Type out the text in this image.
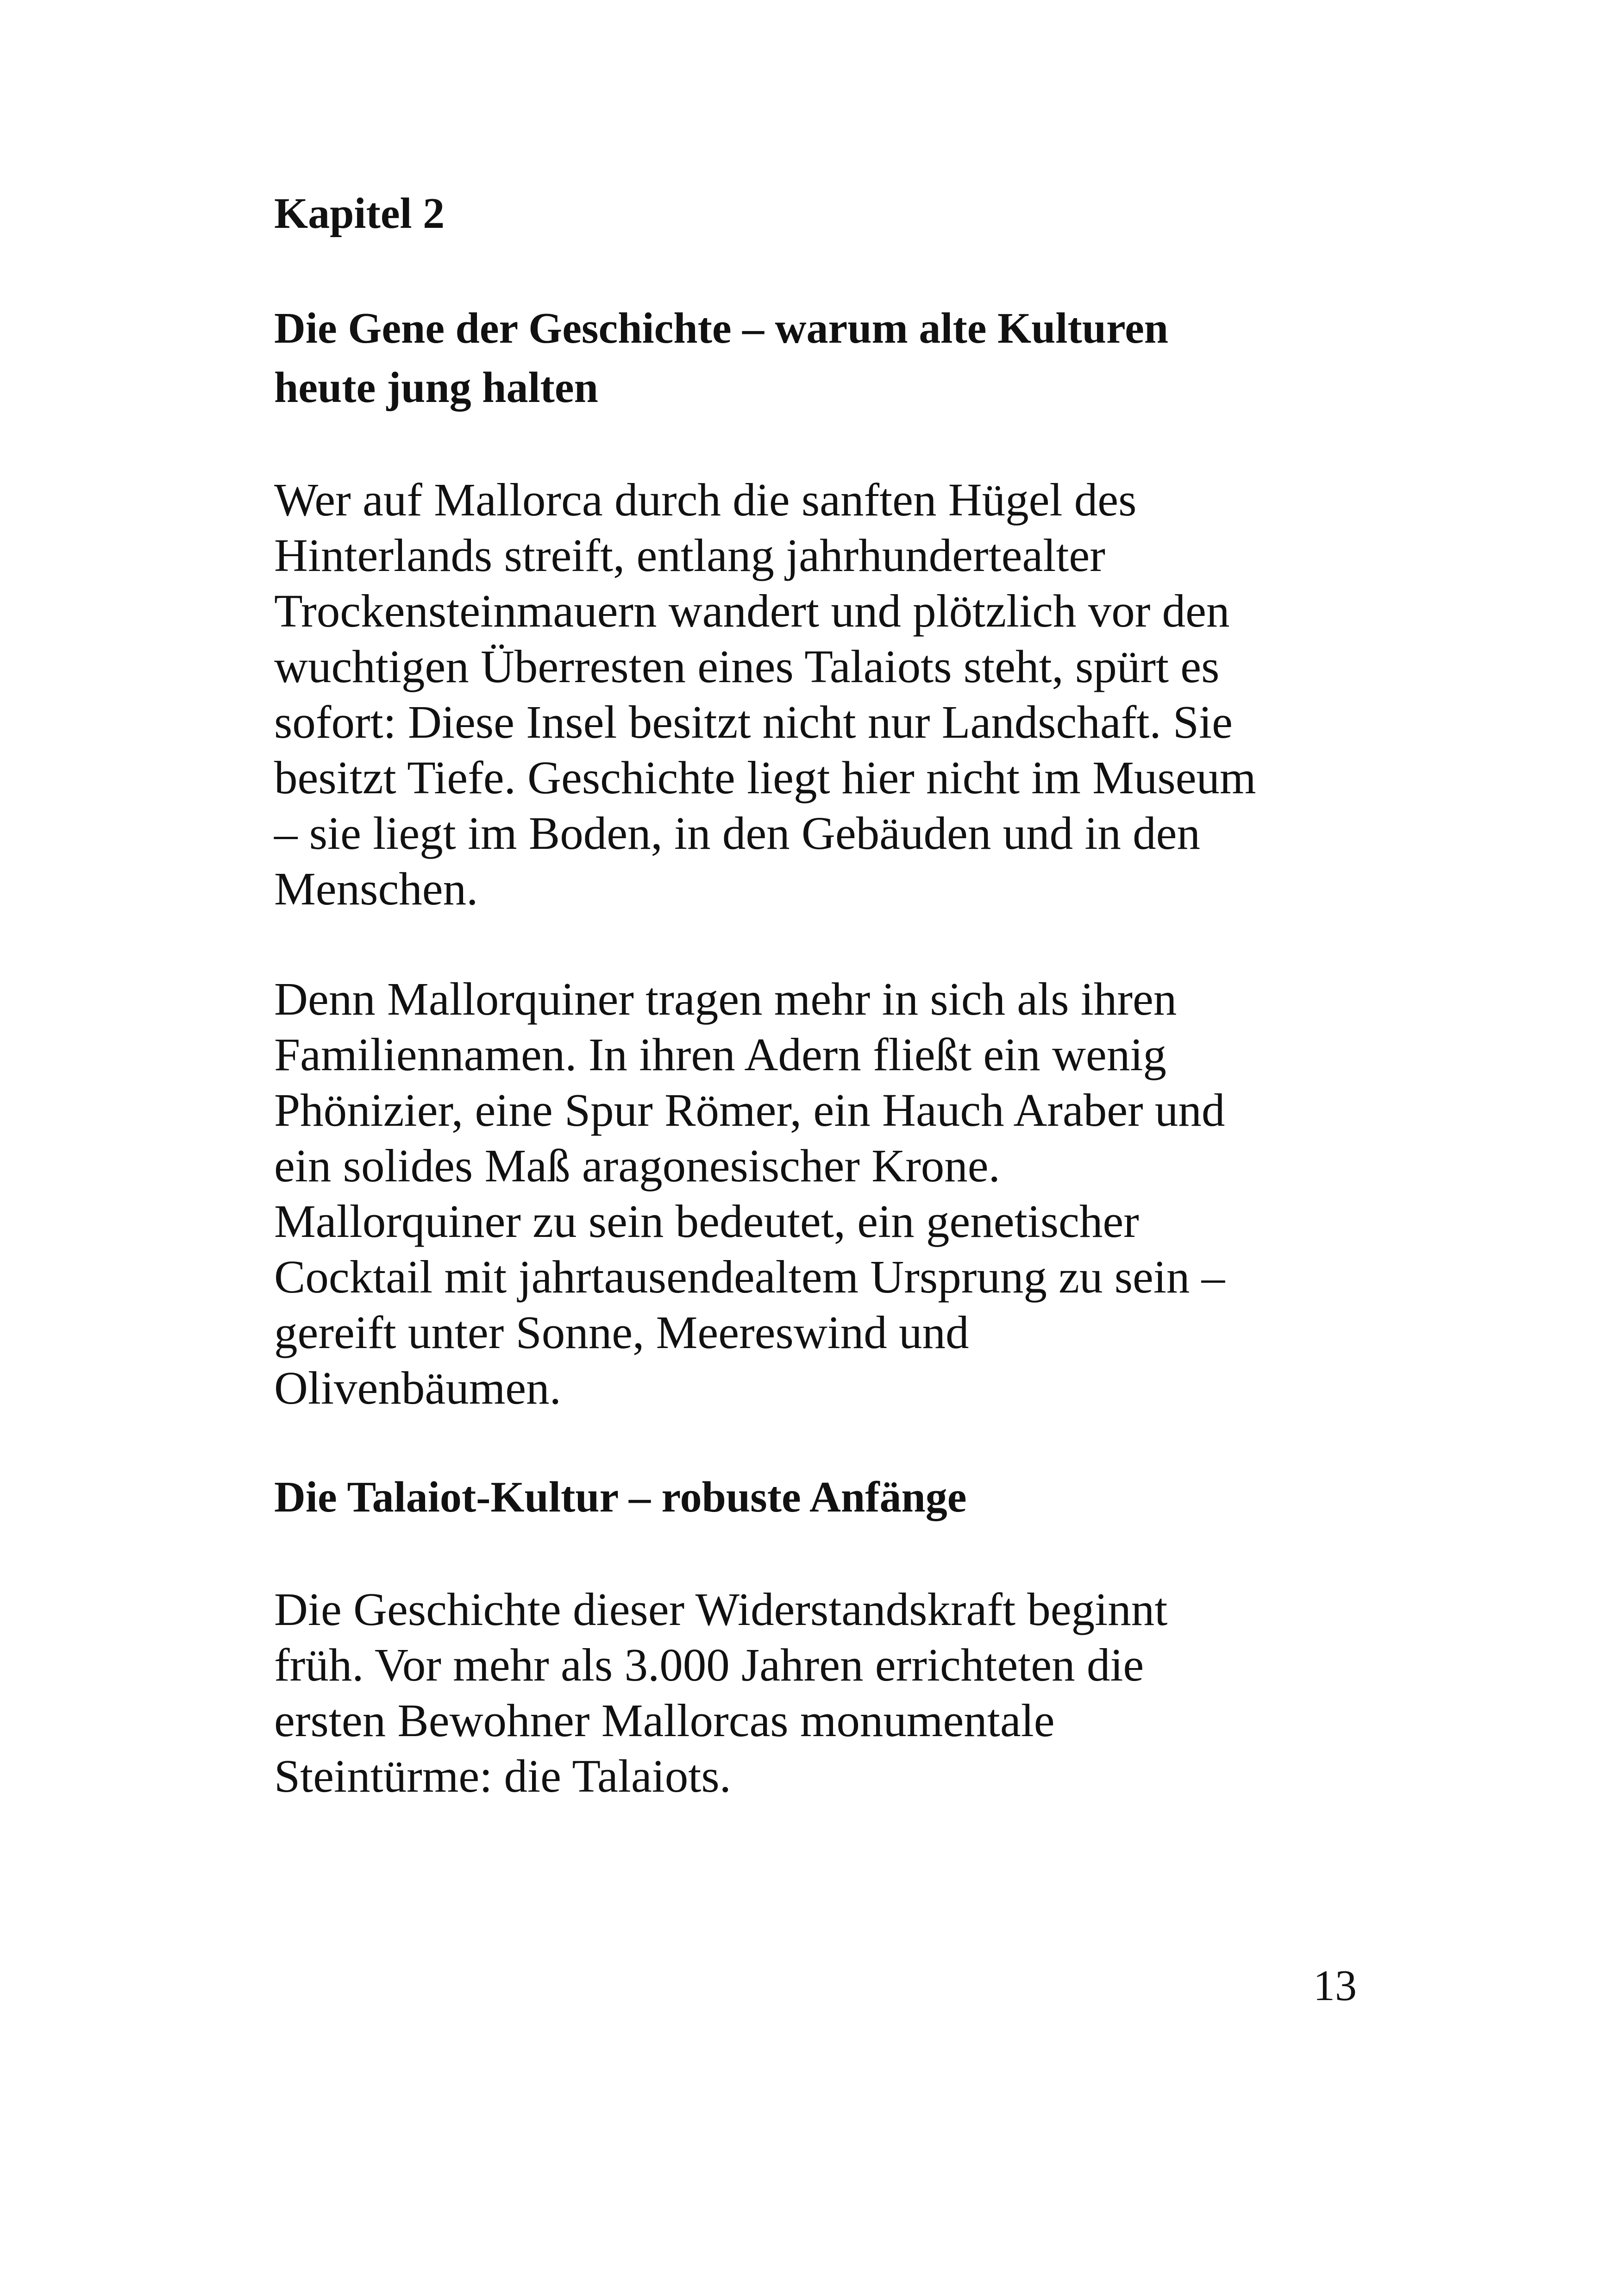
Kapitel 2
Die Gene der Geschichte – warum alte Kulturen
heute jung halten

Wer auf Mallorca durch die sanften Hügel des
Hinterlands streift, entlang jahrhundertealter
Trockensteinmauern wandert und plötzlich vor den
wuchtigen Überresten eines Talaiots steht, spürt es
sofort: Diese Insel besitzt nicht nur Landschaft. Sie
besitzt Tiefe. Geschichte liegt hier nicht im Museum
– sie liegt im Boden, in den Gebäuden und in den
Menschen.

Denn Mallorquiner tragen mehr in sich als ihren
Familiennamen. In ihren Adern fließt ein wenig
Phönizier, eine Spur Römer, ein Hauch Araber und
ein solides Maß aragonesischer Krone.
Mallorquiner zu sein bedeutet, ein genetischer
Cocktail mit jahrtausendealtem Ursprung zu sein –
gereift unter Sonne, Meereswind und
Olivenbäumen.

Die Talaiot-Kultur – robuste Anfänge

Die Geschichte dieser Widerstandskraft beginnt
früh. Vor mehr als 3.000 Jahren errichteten die
ersten Bewohner Mallorcas monumentale
Steintürme: die Talaiots.

13
